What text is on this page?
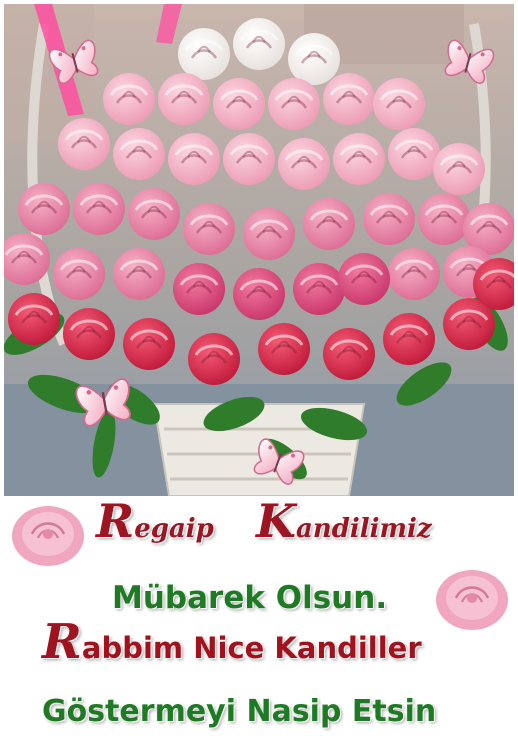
Regaip Kandilimiz
Mübarek Olsun.
Rabbim Nice Kandiller
Göstermeyi Nasip Etsin
